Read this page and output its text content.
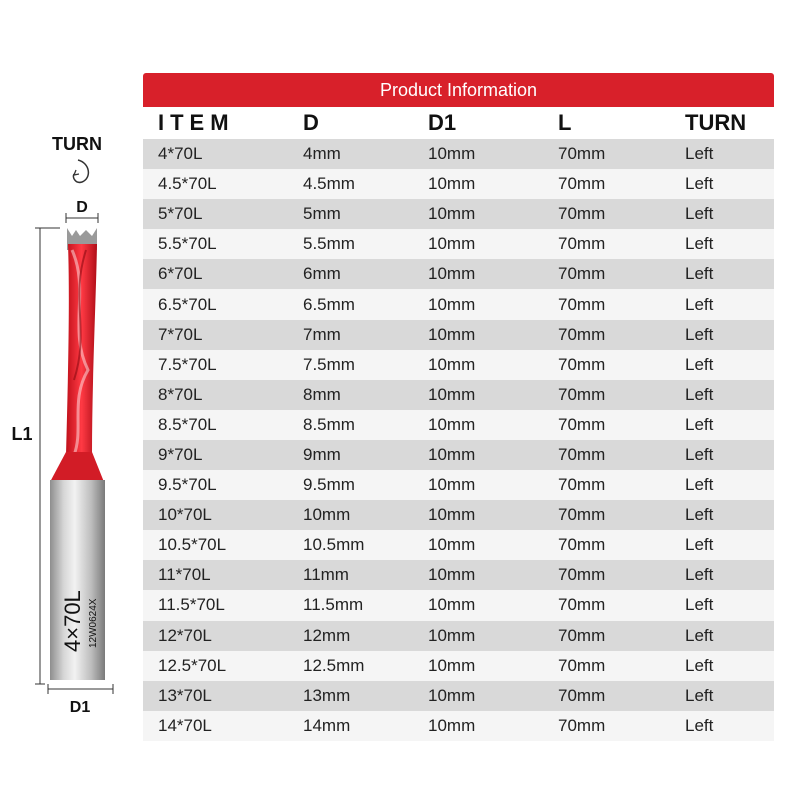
TURN
D
L1
4×70L 12W0624X
D1
Product Information
ITEM	D	D1	L	TURN
4*70L	4mm	10mm	70mm	Left
4.5*70L	4.5mm	10mm	70mm	Left
5*70L	5mm	10mm	70mm	Left
5.5*70L	5.5mm	10mm	70mm	Left
6*70L	6mm	10mm	70mm	Left
6.5*70L	6.5mm	10mm	70mm	Left
7*70L	7mm	10mm	70mm	Left
7.5*70L	7.5mm	10mm	70mm	Left
8*70L	8mm	10mm	70mm	Left
8.5*70L	8.5mm	10mm	70mm	Left
9*70L	9mm	10mm	70mm	Left
9.5*70L	9.5mm	10mm	70mm	Left
10*70L	10mm	10mm	70mm	Left
10.5*70L	10.5mm	10mm	70mm	Left
11*70L	11mm	10mm	70mm	Left
11.5*70L	11.5mm	10mm	70mm	Left
12*70L	12mm	10mm	70mm	Left
12.5*70L	12.5mm	10mm	70mm	Left
13*70L	13mm	10mm	70mm	Left
14*70L	14mm	10mm	70mm	Left
